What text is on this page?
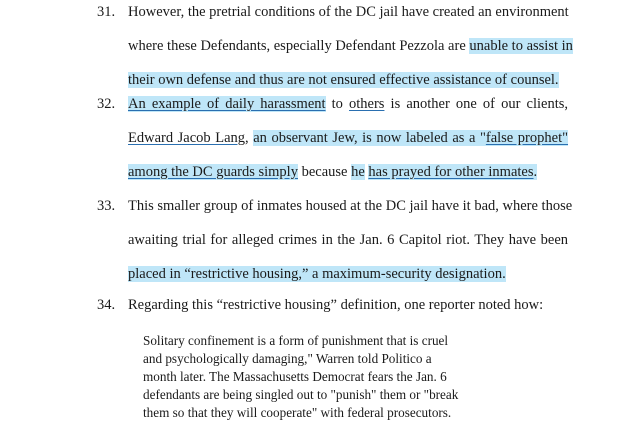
31. However, the pretrial conditions of the DC jail have created an environment
where these Defendants, especially Defendant Pezzola are unable to assist in
their own defense and thus are not ensured effective assistance of counsel.
32. An example of daily harassment to others is another one of our clients,
Edward Jacob Lang, an observant Jew, is now labeled as a "false prophet"
among the DC guards simply because he has prayed for other inmates.
33. This smaller group of inmates housed at the DC jail have it bad, where those
awaiting trial for alleged crimes in the Jan. 6 Capitol riot. They have been
placed in “restrictive housing,” a maximum-security designation.
34. Regarding this “restrictive housing” definition, one reporter noted how:
Solitary confinement is a form of punishment that is cruel
and psychologically damaging," Warren told Politico a
month later. The Massachusetts Democrat fears the Jan. 6
defendants are being singled out to "punish" them or "break
them so that they will cooperate" with federal prosecutors.
